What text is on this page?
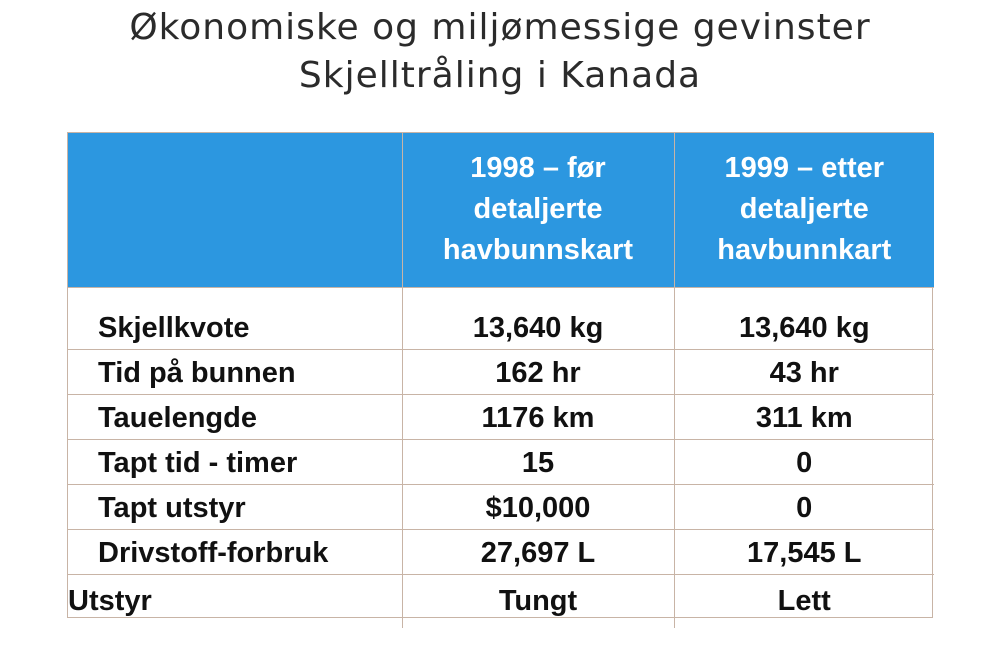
Økonomiske og miljømessige gevinster
Skjelltråling i Kanada
	1998 – før
detaljerte
havbunnskart	1999 – etter
detaljerte
havbunnkart
Skjellkvote	13,640 kg	13,640 kg
Tid på bunnen	162 hr	43 hr
Tauelengde	1176 km	311 km
Tapt tid - timer	15	0
Tapt utstyr	$10,000	0
Drivstoff-forbruk	27,697 L	17,545 L
Utstyr	Tungt	Lett
